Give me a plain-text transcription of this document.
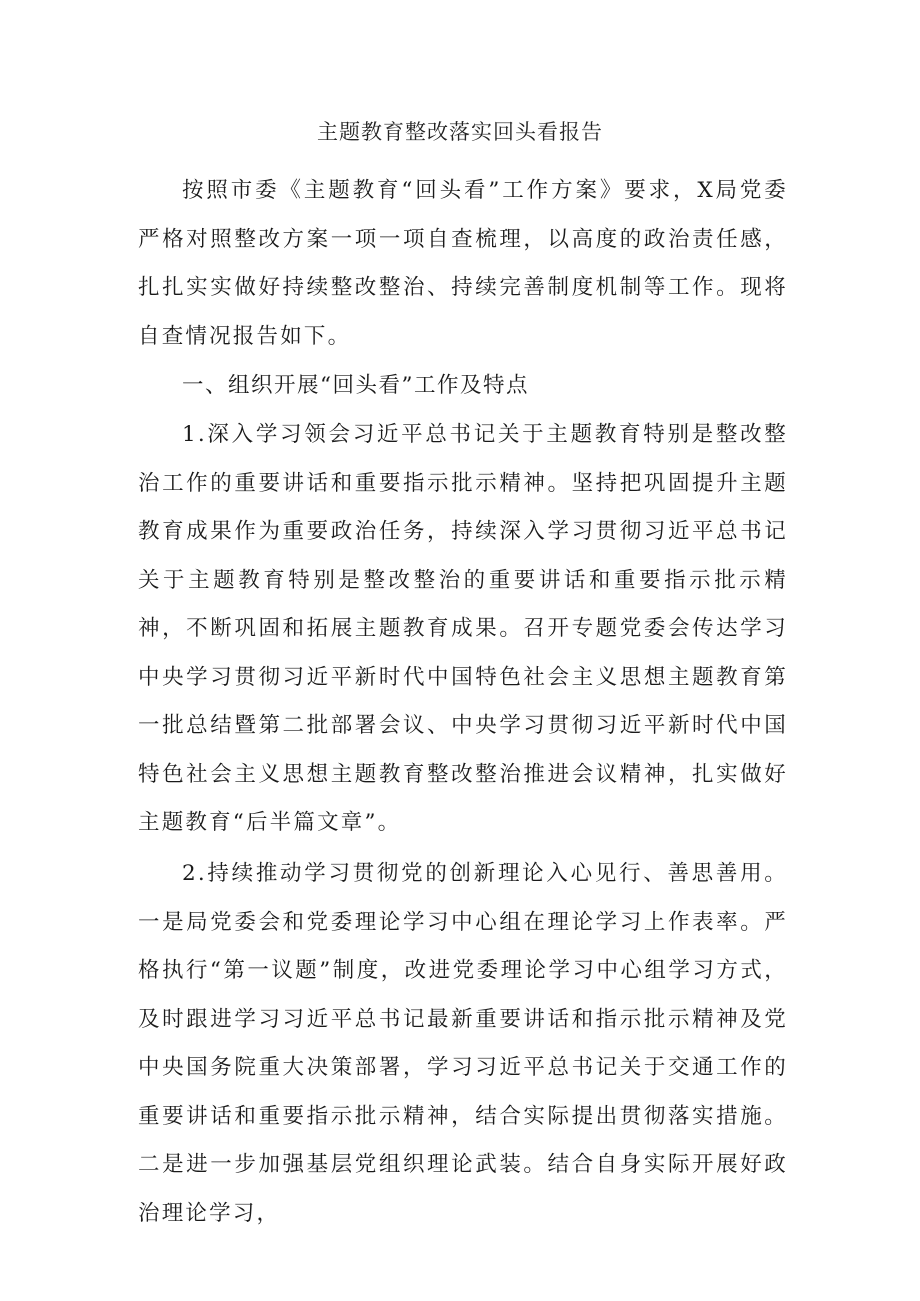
主题教育整改落实回头看报告

按照市委《主题教育“回头看”工作方案》要求，X局党委严格对照整改方案一项一项自查梳理，以高度的政治责任感，扎扎实实做好持续整改整治、持续完善制度机制等工作。现将自查情况报告如下。

一、组织开展“回头看”工作及特点

1.深入学习领会习近平总书记关于主题教育特别是整改整治工作的重要讲话和重要指示批示精神。坚持把巩固提升主题教育成果作为重要政治任务，持续深入学习贯彻习近平总书记关于主题教育特别是整改整治的重要讲话和重要指示批示精神，不断巩固和拓展主题教育成果。召开专题党委会传达学习中央学习贯彻习近平新时代中国特色社会主义思想主题教育第一批总结暨第二批部署会议、中央学习贯彻习近平新时代中国特色社会主义思想主题教育整改整治推进会议精神，扎实做好主题教育“后半篇文章”。

2.持续推动学习贯彻党的创新理论入心见行、善思善用。一是局党委会和党委理论学习中心组在理论学习上作表率。严格执行“第一议题”制度，改进党委理论学习中心组学习方式，及时跟进学习习近平总书记最新重要讲话和指示批示精神及党中央国务院重大决策部署，学习习近平总书记关于交通工作的重要讲话和重要指示批示精神，结合实际提出贯彻落实措施。二是进一步加强基层党组织理论武装。结合自身实际开展好政治理论学习，
